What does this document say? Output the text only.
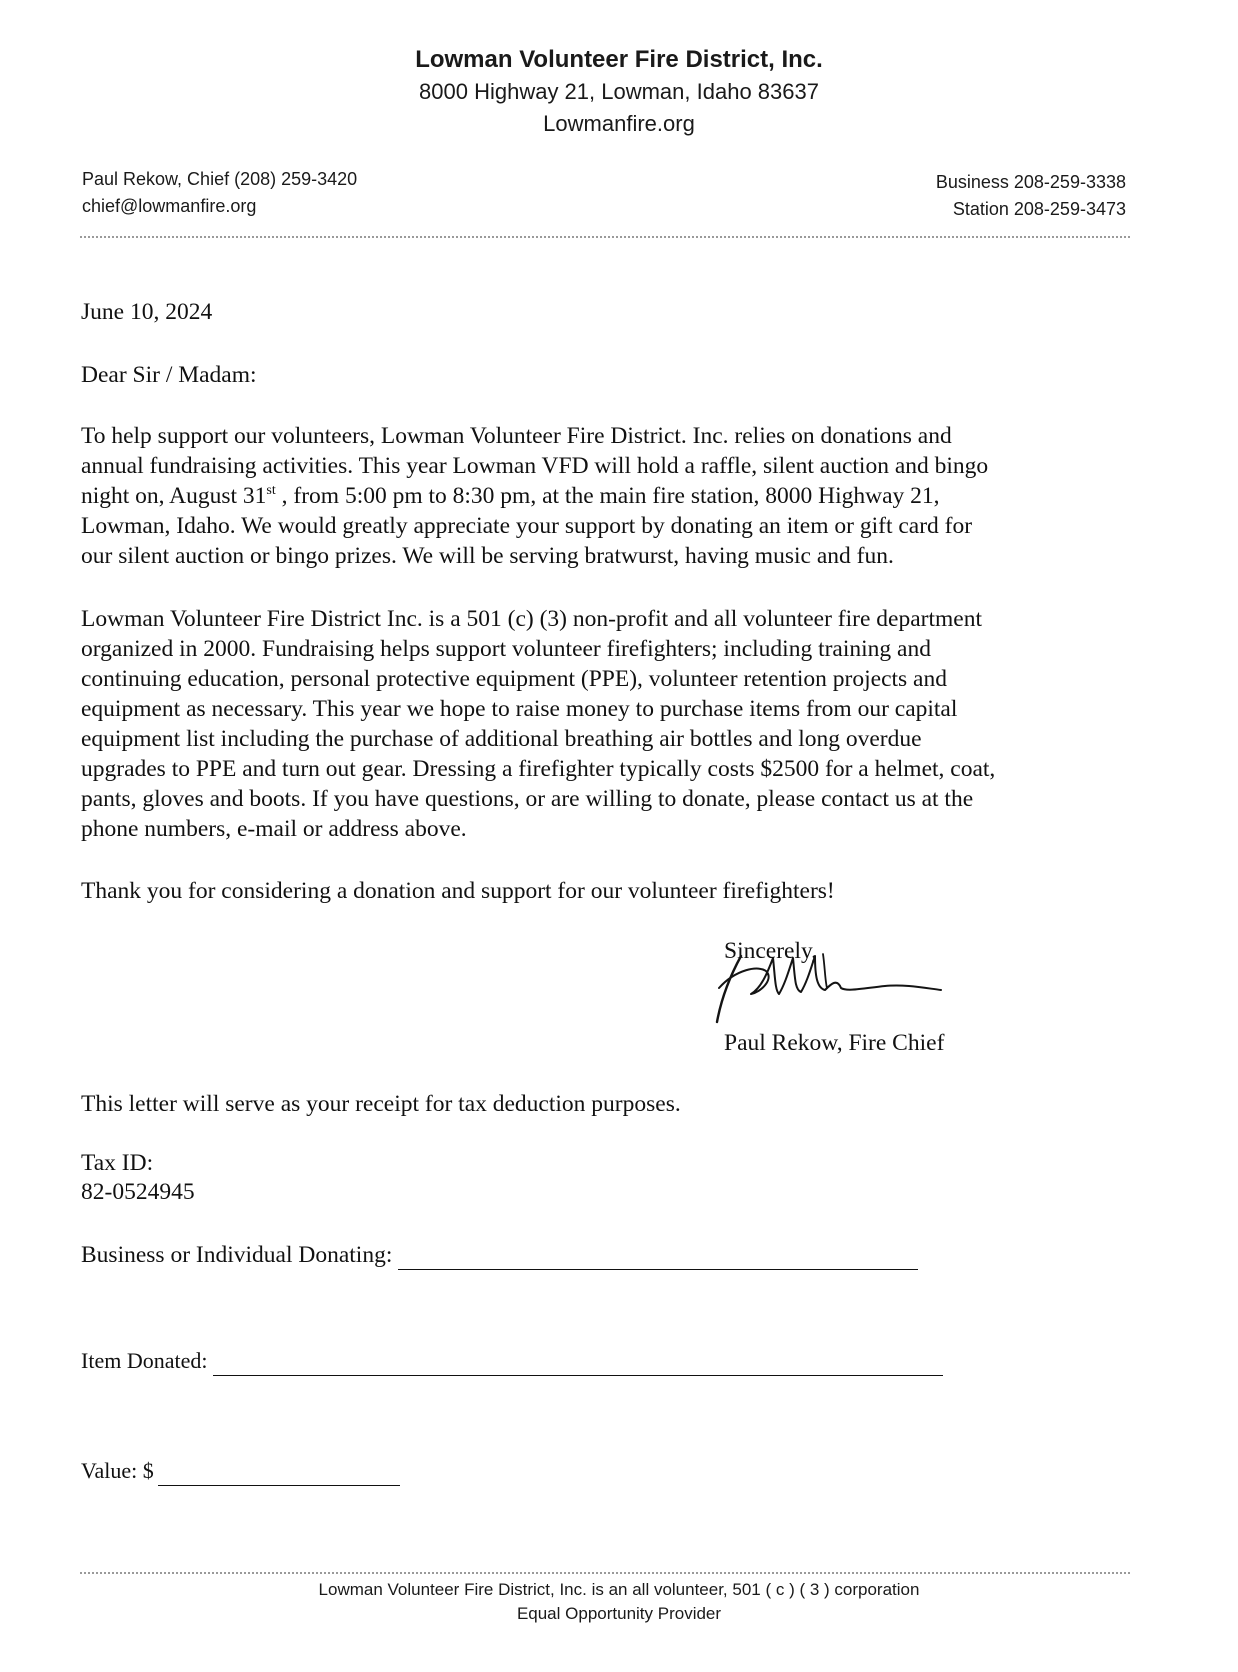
Lowman Volunteer Fire District, Inc.
8000 Highway 21, Lowman, Idaho 83637
Lowmanfire.org
Paul Rekow, Chief (208) 259-3420
chief@lowmanfire.org
Business 208-259-3338
Station 208-259-3473
June 10, 2024
Dear Sir / Madam:
To help support our volunteers, Lowman Volunteer Fire District. Inc. relies on donations and
annual fundraising activities. This year Lowman VFD will hold a raffle, silent auction and bingo
night on, August 31st , from 5:00 pm to 8:30 pm, at the main fire station, 8000 Highway 21,
Lowman, Idaho. We would greatly appreciate your support by donating an item or gift card for
our silent auction or bingo prizes. We will be serving bratwurst, having music and fun.
Lowman Volunteer Fire District Inc. is a 501 (c) (3) non-profit and all volunteer fire department
organized in 2000. Fundraising helps support volunteer firefighters; including training and
continuing education, personal protective equipment (PPE), volunteer retention projects and
equipment as necessary. This year we hope to raise money to purchase items from our capital
equipment list including the purchase of additional breathing air bottles and long overdue
upgrades to PPE and turn out gear. Dressing a firefighter typically costs $2500 for a helmet, coat,
pants, gloves and boots. If you have questions, or are willing to donate, please contact us at the
phone numbers, e-mail or address above.
Thank you for considering a donation and support for our volunteer firefighters!
Sincerely,
Paul Rekow, Fire Chief
This letter will serve as your receipt for tax deduction purposes.
Tax ID:
82-0524945
Business or Individual Donating:
Item Donated:
Value: $
Lowman Volunteer Fire District, Inc. is an all volunteer, 501 ( c ) ( 3 ) corporation
Equal Opportunity Provider
